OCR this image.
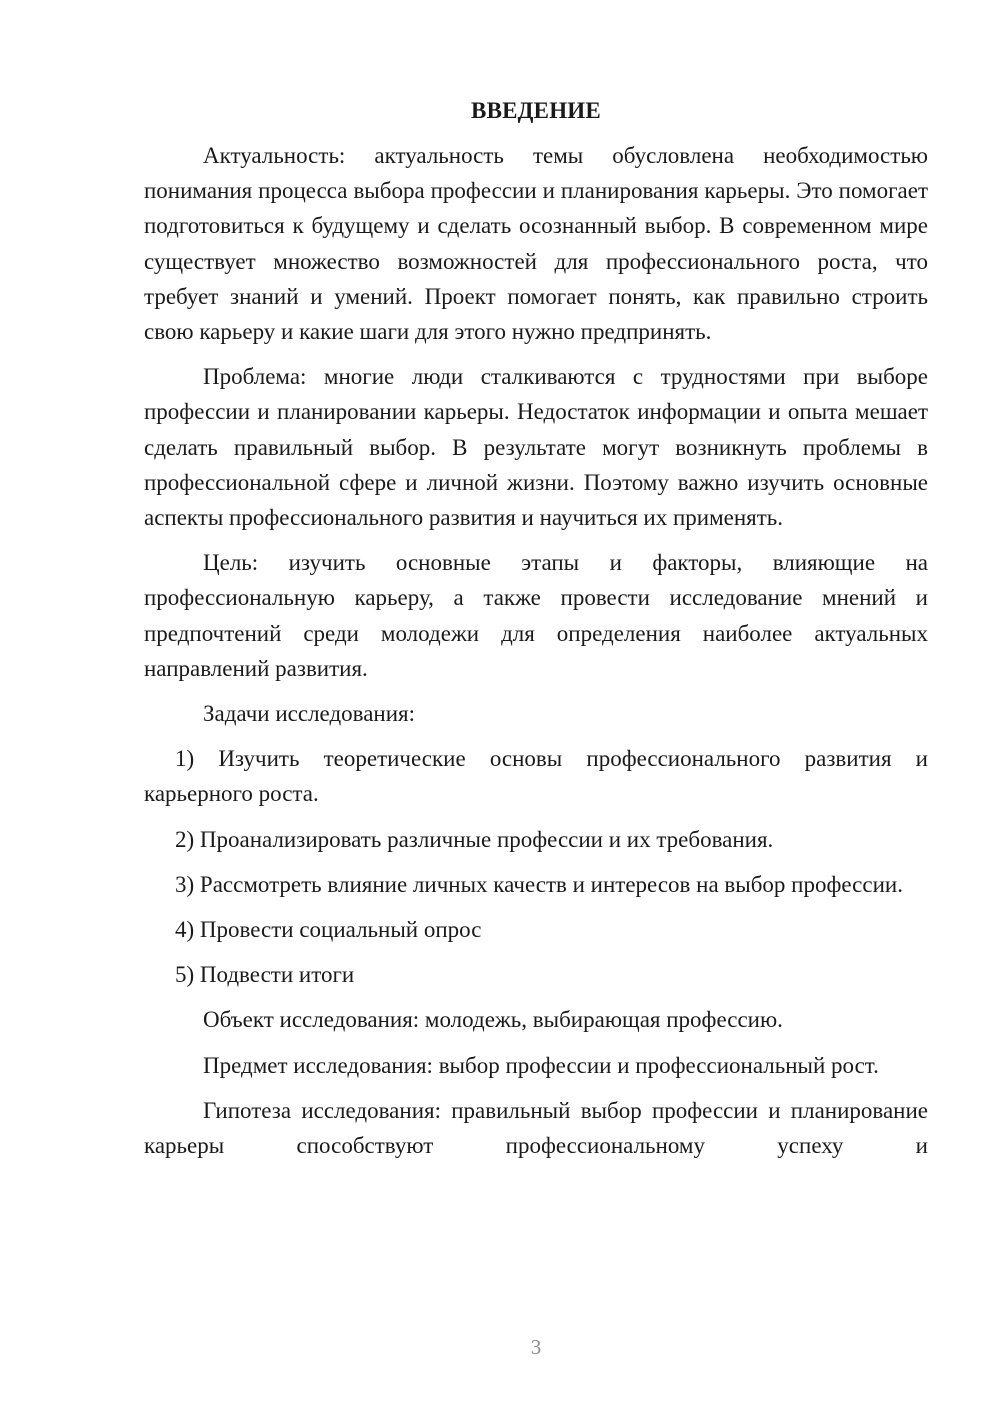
ВВЕДЕНИЕ

Актуальность: актуальность темы обусловлена необходимостью понимания процесса выбора профессии и планирования карьеры. Это помогает подготовиться к будущему и сделать осознанный выбор. В современном мире существует множество возможностей для профессионального роста, что требует знаний и умений. Проект помогает понять, как правильно строить свою карьеру и какие шаги для этого нужно предпринять.

Проблема: многие люди сталкиваются с трудностями при выборе профессии и планировании карьеры. Недостаток информации и опыта мешает сделать правильный выбор. В результате могут возникнуть проблемы в профессиональной сфере и личной жизни. Поэтому важно изучить основные аспекты профессионального развития и научиться их применять.

Цель: изучить основные этапы и факторы, влияющие на профессиональную карьеру, а также провести исследование мнений и предпочтений среди молодежи для определения наиболее актуальных направлений развития.

Задачи исследования:

1) Изучить теоретические основы профессионального развития и карьерного роста.

2) Проанализировать различные профессии и их требования.

3) Рассмотреть влияние личных качеств и интересов на выбор профессии.

4) Провести социальный опрос

5) Подвести итоги

Объект исследования: молодежь, выбирающая профессию.

Предмет исследования: выбор профессии и профессиональный рост.

Гипотеза исследования: правильный выбор профессии и планирование карьеры способствуют профессиональному успеху и

3
